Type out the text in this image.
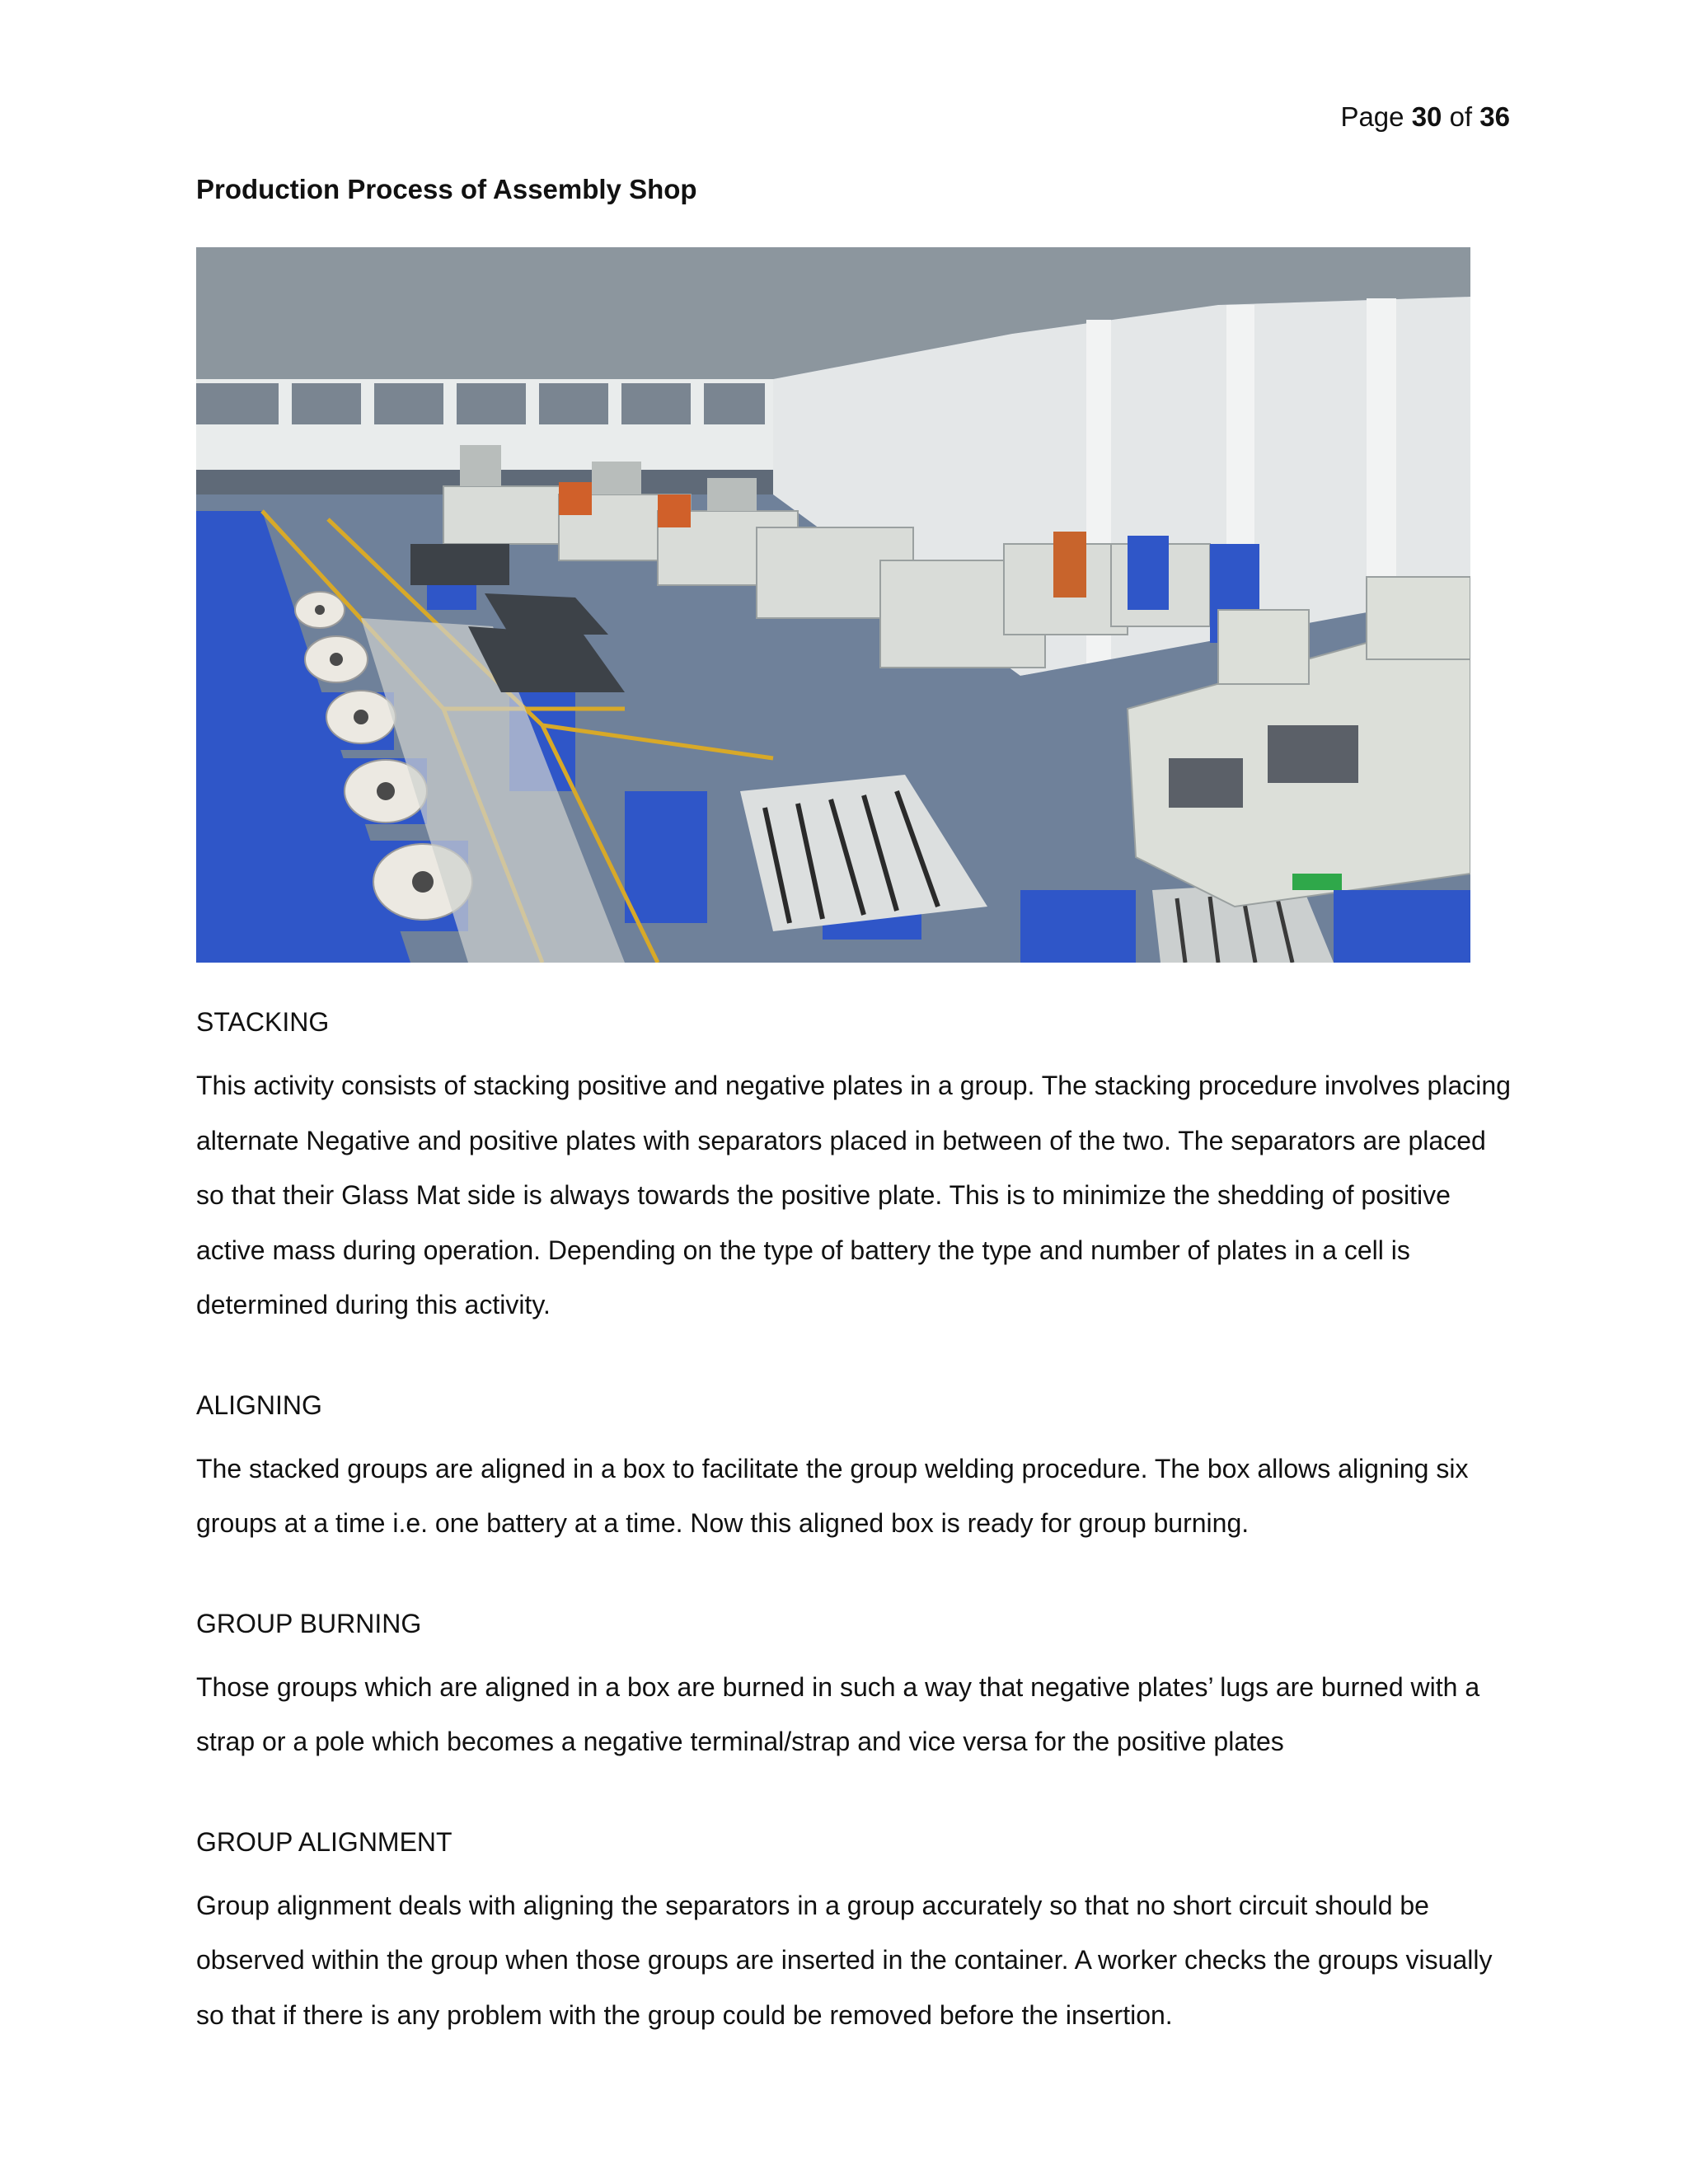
Page 30 of 36
Production Process of Assembly Shop
STACKING

This activity consists of stacking positive and negative plates in a group. The stacking procedure involves placing alternate Negative and positive plates with separators placed in between of the two. The separators are placed so that their Glass Mat side is always towards the positive plate. This is to minimize the shedding of positive active mass during operation. Depending on the type of battery the type and number of plates in a cell is determined during this activity.

ALIGNING

The stacked groups are aligned in a box to facilitate the group welding procedure. The box allows aligning six groups at a time i.e. one battery at a time. Now this aligned box is ready for group burning.

GROUP BURNING

Those groups which are aligned in a box are burned in such a way that negative plates’ lugs are burned with a strap or a pole which becomes a negative terminal/strap and vice versa for the positive plates

GROUP ALIGNMENT

Group alignment deals with aligning the separators in a group accurately so that no short circuit should be observed within the group when those groups are inserted in the container. A worker checks the groups visually so that if there is any problem with the group could be removed before the insertion.
